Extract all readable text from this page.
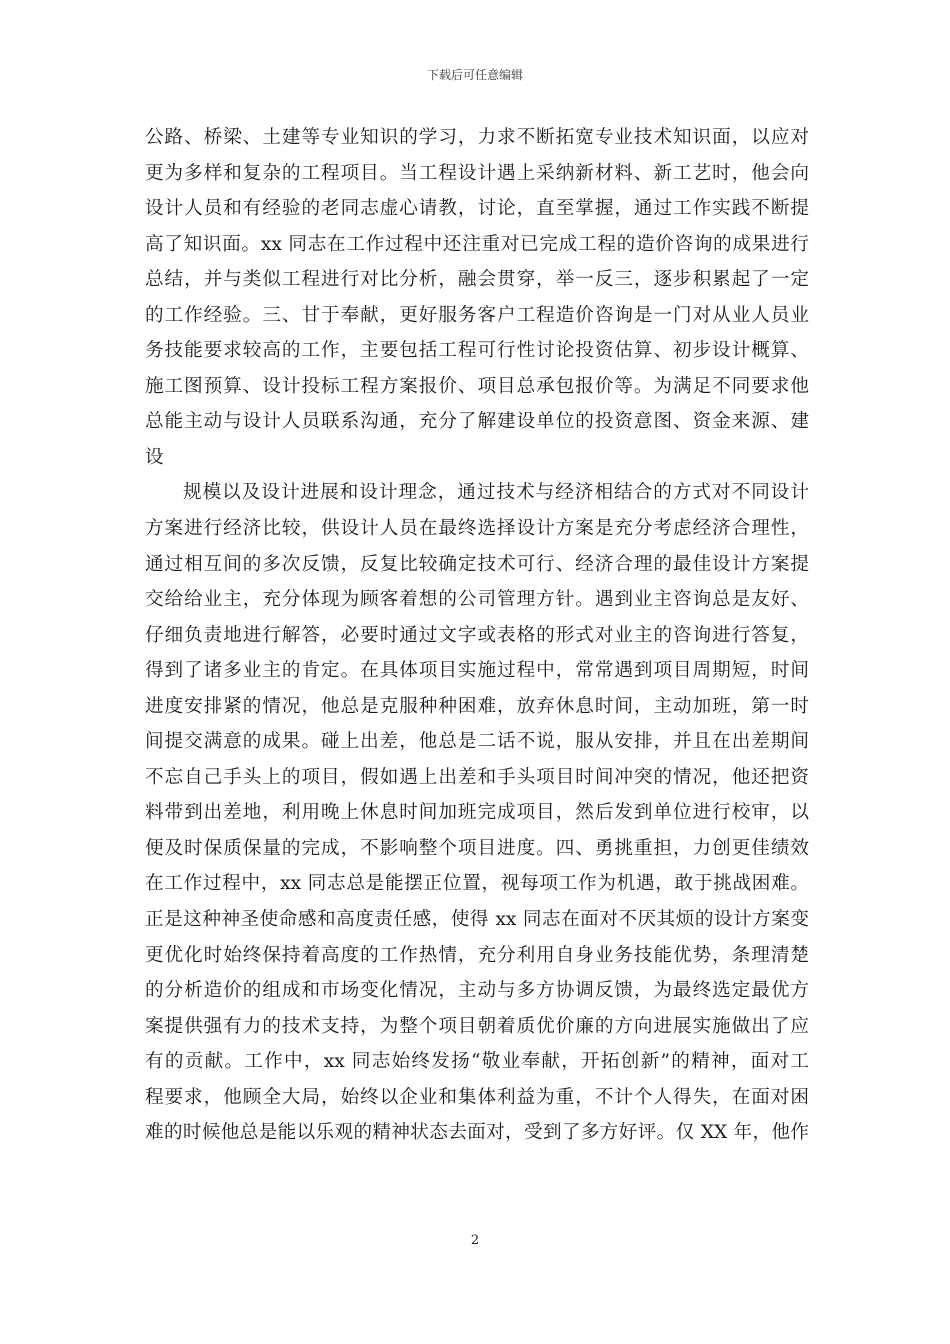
下载后可任意编辑
公路、桥梁、土建等专业知识的学习，力求不断拓宽专业技术知识面，以应对
更为多样和复杂的工程项目。当工程设计遇上采纳新材料、新工艺时，他会向
设计人员和有经验的老同志虚心请教，讨论，直至掌握，通过工作实践不断提
高了知识面。xx 同志在工作过程中还注重对已完成工程的造价咨询的成果进行
总结，并与类似工程进行对比分析，融会贯穿，举一反三，逐步积累起了一定
的工作经验。三、甘于奉献，更好服务客户工程造价咨询是一门对从业人员业
务技能要求较高的工作，主要包括工程可行性讨论投资估算、初步设计概算、
施工图预算、设计投标工程方案报价、项目总承包报价等。为满足不同要求他
总能主动与设计人员联系沟通，充分了解建设单位的投资意图、资金来源、建
设
规模以及设计进展和设计理念，通过技术与经济相结合的方式对不同设计
方案进行经济比较，供设计人员在最终选择设计方案是充分考虑经济合理性，
通过相互间的多次反馈，反复比较确定技术可行、经济合理的最佳设计方案提
交给给业主，充分体现为顾客着想的公司管理方针。遇到业主咨询总是友好、
仔细负责地进行解答，必要时通过文字或表格的形式对业主的咨询进行答复，
得到了诸多业主的肯定。在具体项目实施过程中，常常遇到项目周期短，时间
进度安排紧的情况，他总是克服种种困难，放弃休息时间，主动加班，第一时
间提交满意的成果。碰上出差，他总是二话不说，服从安排，并且在出差期间
不忘自己手头上的项目，假如遇上出差和手头项目时间冲突的情况，他还把资
料带到出差地，利用晚上休息时间加班完成项目，然后发到单位进行校审，以
便及时保质保量的完成，不影响整个项目进度。四、勇挑重担，力创更佳绩效
在工作过程中，xx 同志总是能摆正位置，视每项工作为机遇，敢于挑战困难。
正是这种神圣使命感和高度责任感，使得 xx 同志在面对不厌其烦的设计方案变
更优化时始终保持着高度的工作热情，充分利用自身业务技能优势，条理清楚
的分析造价的组成和市场变化情况，主动与多方协调反馈，为最终选定最优方
案提供强有力的技术支持，为整个项目朝着质优价廉的方向进展实施做出了应
有的贡献。工作中，xx 同志始终发扬“敬业奉献，开拓创新”的精神，面对工
程要求，他顾全大局，始终以企业和集体利益为重，不计个人得失，在面对困
难的时候他总是能以乐观的精神状态去面对，受到了多方好评。仅 XX 年，他作
2
